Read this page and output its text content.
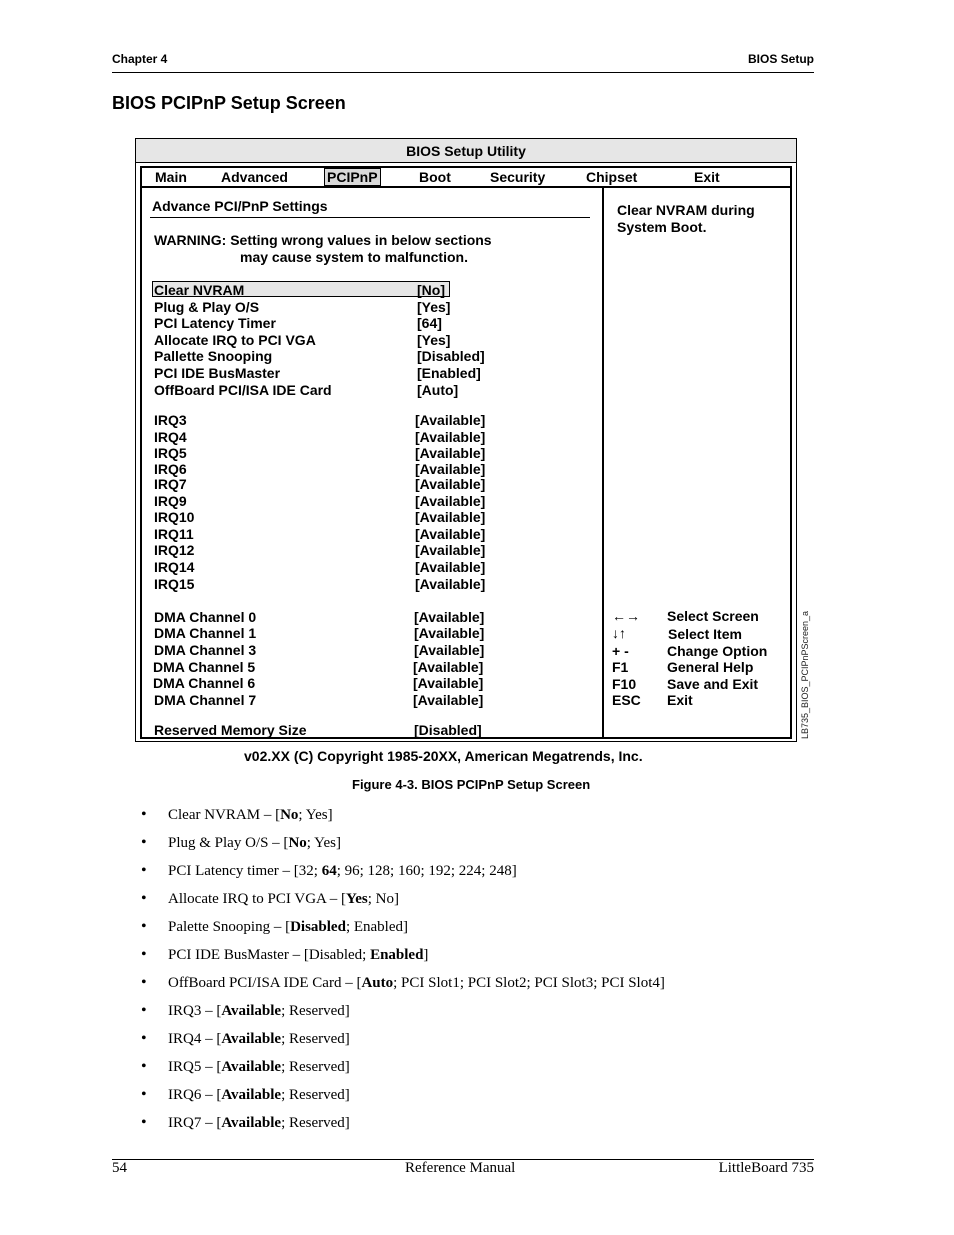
Chapter 4	BIOS Setup
BIOS PCIPnP Setup Screen
BIOS Setup Utility
Main Advanced	PCIPnP	Boot	Security	Chipset	Exit
Advance PCI/PnP Settings
WARNING: Setting wrong values in below sections
may cause system to malfunction.
Clear NVRAM	[No]
Plug & Play O/S	[Yes]
PCI Latency Timer	[64]
Allocate IRQ to PCI VGA	[Yes]
Pallette Snooping	[Disabled]
PCI IDE BusMaster	[Enabled]
OffBoard PCI/ISA IDE Card	[Auto]
IRQ3	[Available]
IRQ4	[Available]
IRQ5	[Available]
IRQ6	[Available]
IRQ7	[Available]
IRQ9	[Available]
IRQ10	[Available]
IRQ11	[Available]
IRQ12	[Available]
IRQ14	[Available]
IRQ15	[Available]
DMA Channel 0	[Available]
DMA Channel 1	[Available]
DMA Channel 3	[Available]
DMA Channel 5	[Available]
DMA Channel 6	[Available]
DMA Channel 7	[Available]
Reserved Memory Size	[Disabled]
Clear NVRAM during
System Boot.
←→ Select Screen
↓↑	Select Item
+ -	Change Option
F1	General Help
F10 Save and Exit
ESC Exit	LB735_BIOS_PCIPnPScreen_a
v02.XX (C) Copyright 1985-20XX, American Megatrends, Inc.
Figure 4-3. BIOS PCIPnP Setup Screen
• Clear NVRAM – [No; Yes]
• Plug & Play O/S – [No; Yes]
• PCI Latency timer – [32; 64; 96; 128; 160; 192; 224; 248]
• Allocate IRQ to PCI VGA – [Yes; No]
• Palette Snooping – [Disabled; Enabled]
• PCI IDE BusMaster – [Disabled; Enabled]
• OffBoard PCI/ISA IDE Card – [Auto; PCI Slot1; PCI Slot2; PCI Slot3; PCI Slot4]
• IRQ3 – [Available; Reserved]
• IRQ4 – [Available; Reserved]
• IRQ5 – [Available; Reserved]
• IRQ6 – [Available; Reserved]
• IRQ7 – [Available; Reserved]
54	Reference Manual	LittleBoard 735
